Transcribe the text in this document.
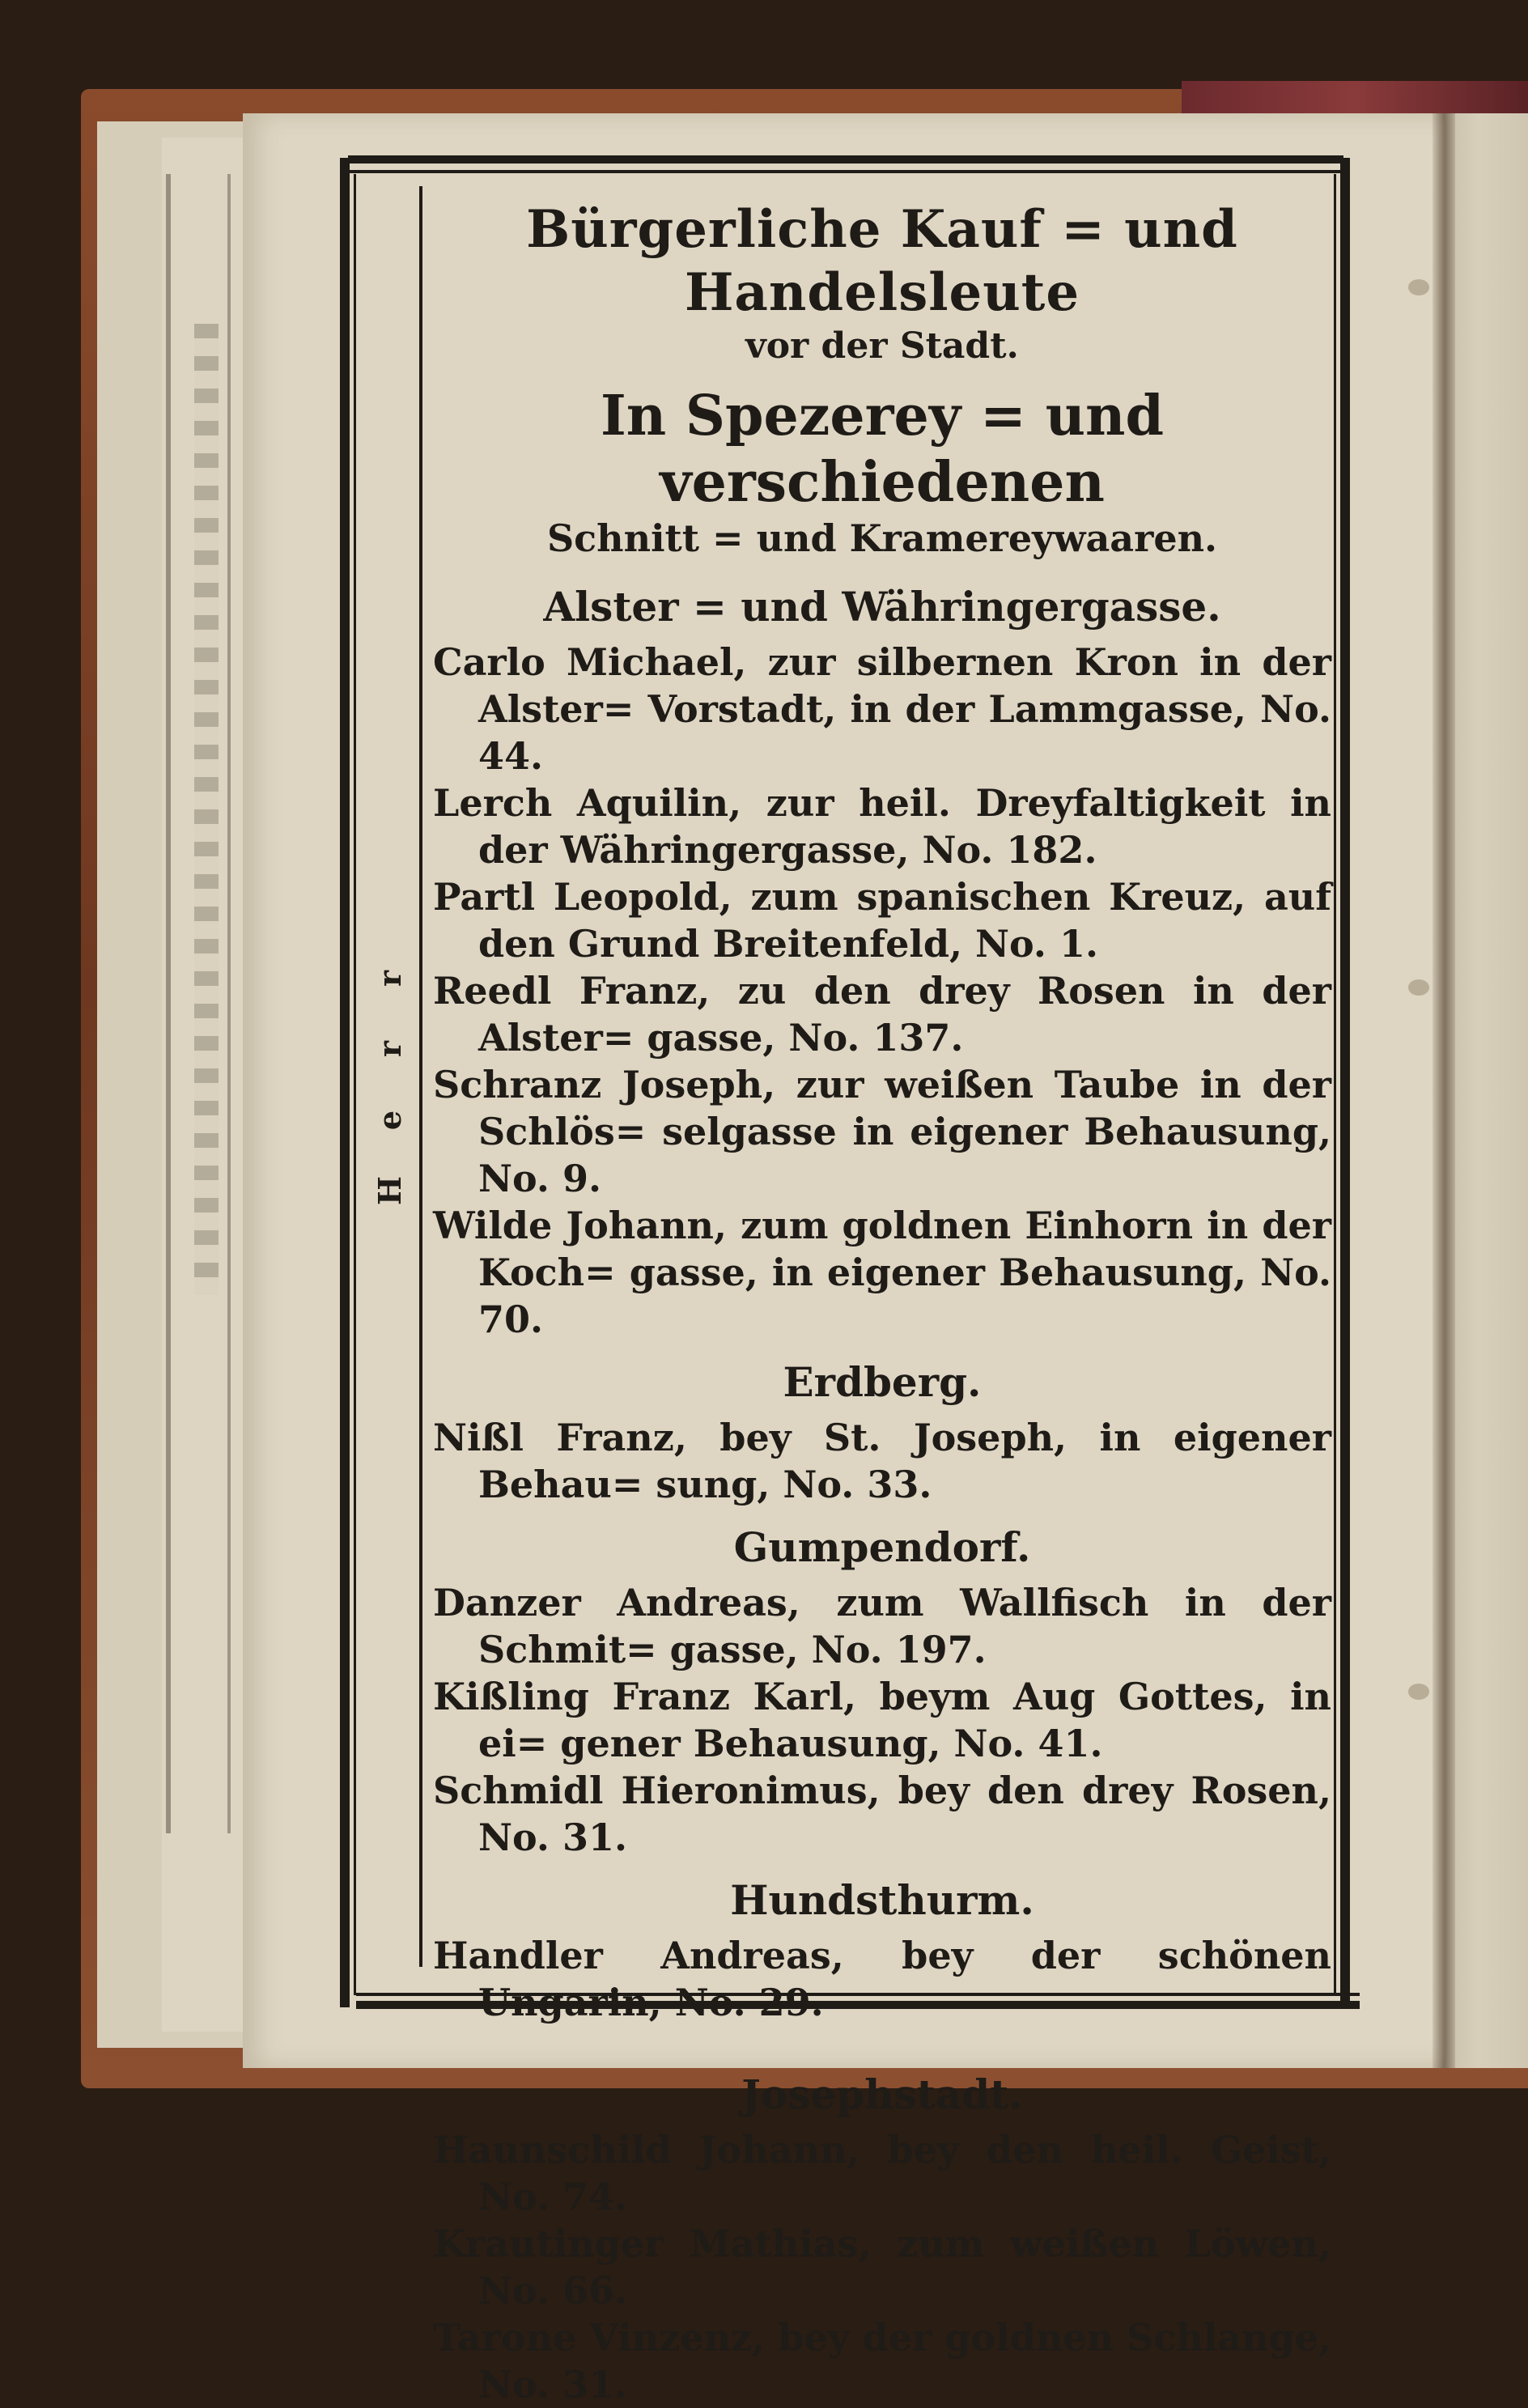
r
r
e
H

Bürgerliche Kauf = und Handelsleute

vor der Stadt.

In Spezerey = und verschiedenen

Schnitt = und Kramereywaaren.

Alster = und Währingergasse.

Carlo Michael, zur silbernen Kron in der Alster= Vorstadt, in der Lammgasse, No. 44.

Lerch Aquilin, zur heil. Dreyfaltigkeit in der Währingergasse, No. 182.

Partl Leopold, zum spanischen Kreuz, auf den Grund Breitenfeld, No. 1.

Reedl Franz, zu den drey Rosen in der Alster= gasse, No. 137.

Schranz Joseph, zur weißen Taube in der Schlös= selgasse in eigener Behausung, No. 9.

Wilde Johann, zum goldnen Einhorn in der Koch= gasse, in eigener Behausung, No. 70.

Erdberg.

Nißl Franz, bey St. Joseph, in eigener Behau= sung, No. 33.

Gumpendorf.

Danzer Andreas, zum Wallfisch in der Schmit= gasse, No. 197.

Kißling Franz Karl, beym Aug Gottes, in ei= gener Behausung, No. 41.

Schmidl Hieronimus, bey den drey Rosen, No. 31.

Hundsthurm.

Handler Andreas, bey der schönen Ungarin, No. 29.

Josephstadt.

Haunschild Johann, bey den heil. Geist, No. 74.

Krautinger Mathias, zum weißen Löwen, No. 66.

Tarone Vinzenz, bey der goldnen Schlange, No. 31.
